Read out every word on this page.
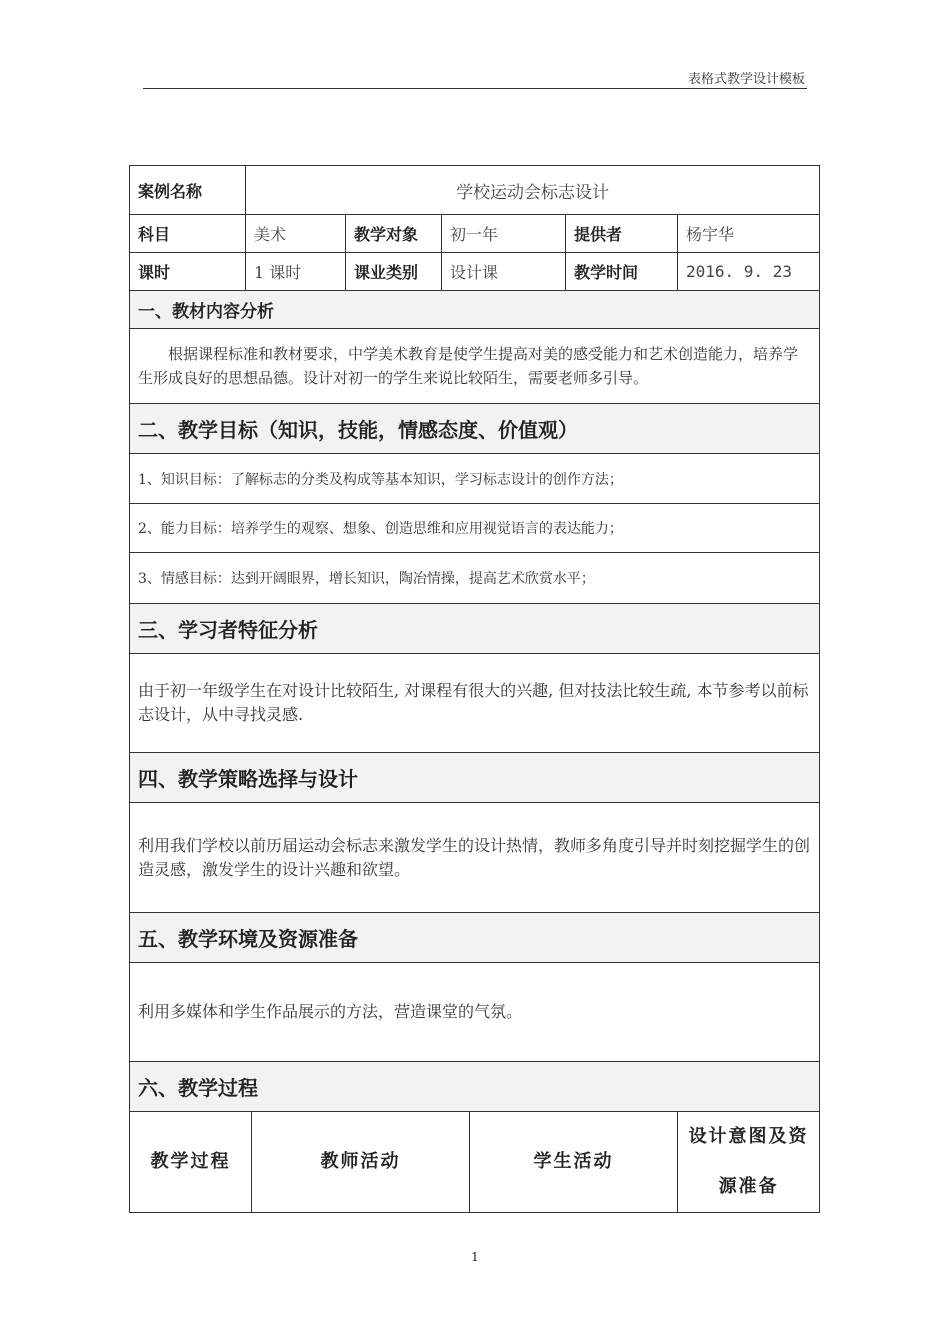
表格式教学设计模板
案例名称	学校运动会标志设计						
科目	美术		教学对象	初一年		提供者	杨宇华
课时	1 课时		课业类别	设计课		教学时间	2016. 9. 23
一、教材内容分析							
　　根据课程标准和教材要求，中学美术教育是使学生提高对美的感受能力和艺术创造能力，培养学生形成良好的思想品德。设计对初一的学生来说比较陌生，需要老师多引导。							
二、教学目标（知识，技能，情感态度、价值观）							
1、知识目标：了解标志的分类及构成等基本知识，学习标志设计的创作方法；							
2、能力目标：培养学生的观察、想象、创造思维和应用视觉语言的表达能力；							
3、情感目标：达到开阔眼界，增长知识，陶冶情操，提高艺术欣赏水平；							
三、学习者特征分析							
由于初一年级学生在对设计比较陌生, 对课程有很大的兴趣, 但对技法比较生疏, 本节参考以前标志设计，从中寻找灵感.							
四、教学策略选择与设计							
利用我们学校以前历届运动会标志来激发学生的设计热情，教师多角度引导并时刻挖掘学生的创造灵感，激发学生的设计兴趣和欲望。							
五、教学环境及资源准备							
利用多媒体和学生作品展示的方法，营造课堂的气氛。							
六、教学过程							
教学过程		教师活动			学生活动		设计意图及资源准备
1
